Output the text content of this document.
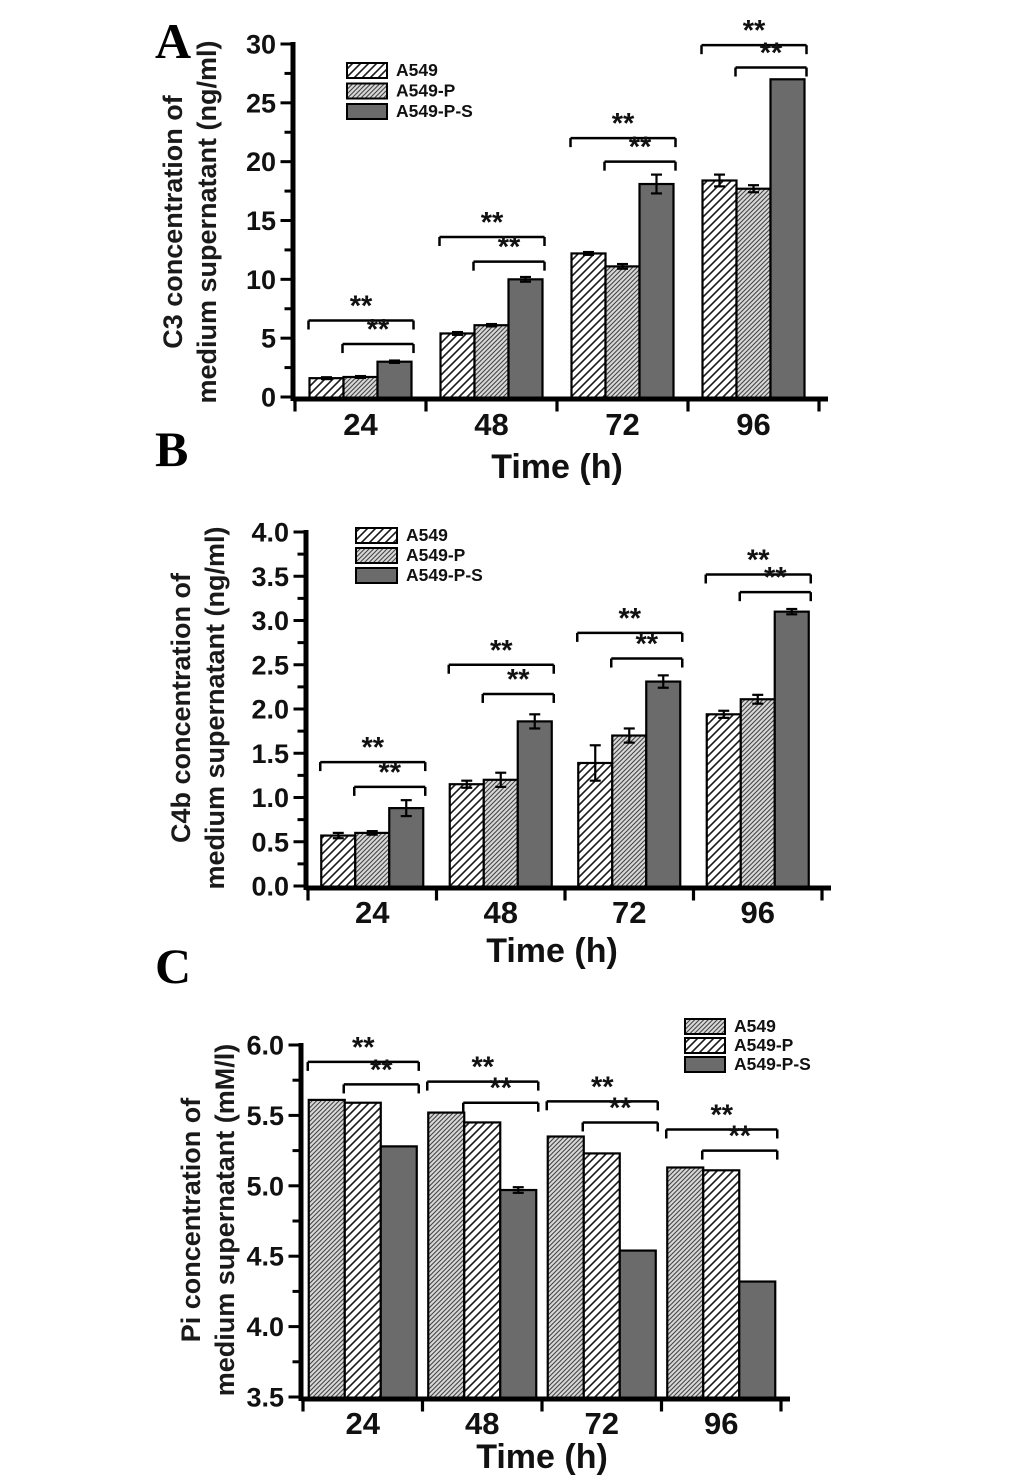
A
C3 concentration of medium supernatant (ng/ml)
Time (h)
0
5
10
15
20
25
30
24	48	72	96
**
**
**
**
**
**
**
**
A549
A549-P
A549-P-S
B
C4b concentration of medium supernatant (ng/ml)
Time (h)
0.0
0.5
1.0
1.5
2.0
2.5
3.0
3.5
4.0
24	48	72	96
**
**
**
**
**
**
**
**
A549
A549-P
A549-P-S
C
Pi concentration of medium supernatant (mM/l)
Time (h)
3.5
4.0
4.5
5.0
5.5
6.0
24	48	72	96
**
**	**
**	**
**	**
**
A549
A549-P
A549-P-S
